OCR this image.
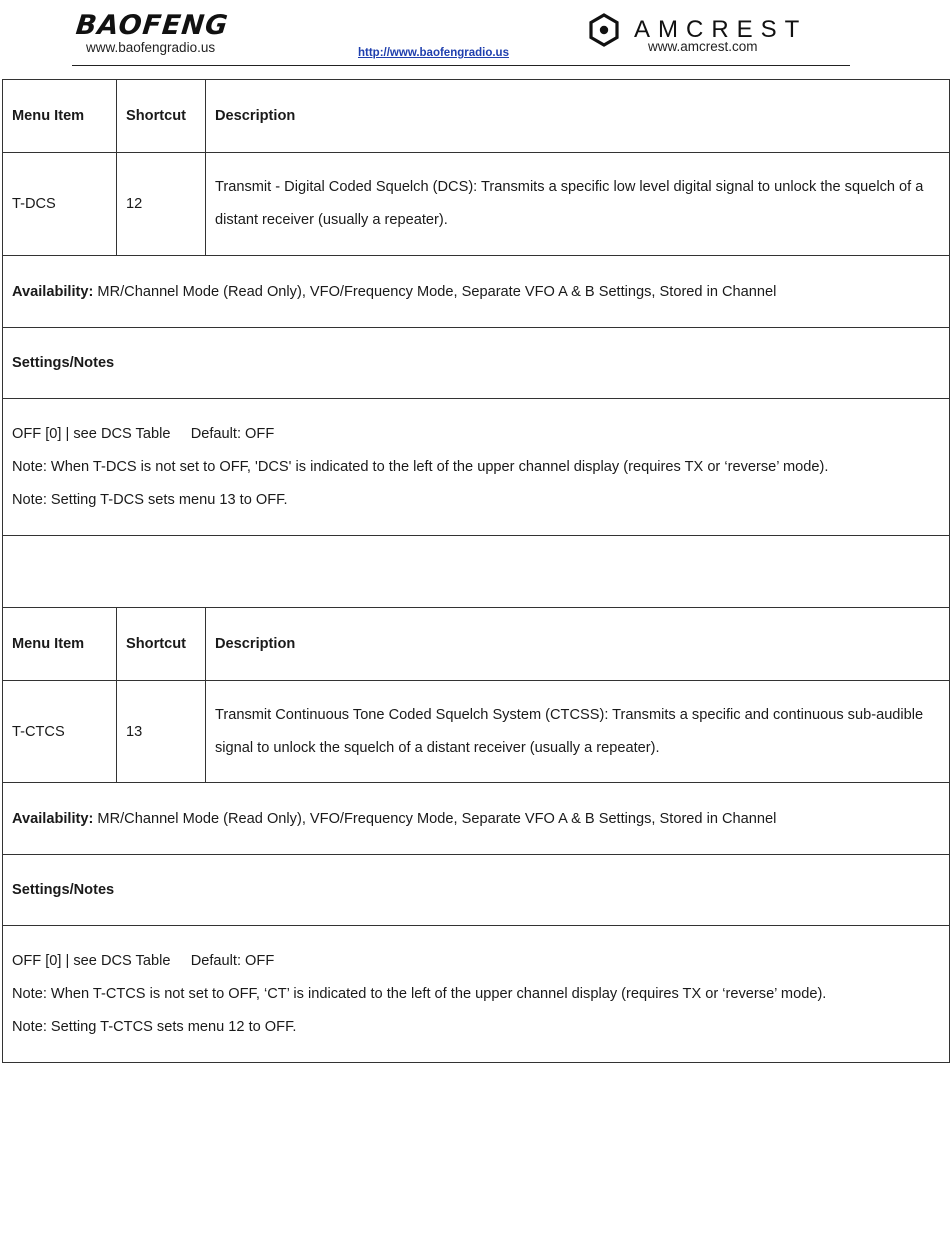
BAOFENG
www.baofengradio.us	http://www.baofengradio.us
AMCREST
www.amcrest.com
Menu Item	Shortcut	Description
T-DCS	12	Transmit - Digital Coded Squelch (DCS): Transmits a specific low level digital signal to unlock the squelch of a distant receiver (usually a repeater).
Availability: MR/Channel Mode (Read Only), VFO/Frequency Mode, Separate VFO A & B Settings, Stored in Channel		
Settings/Notes		

OFF [0] | see DCS Table     Default: OFF

Note: When T-DCS is not set to OFF, 'DCS' is indicated to the left of the upper channel display (requires TX or ‘reverse’ mode).

Note: Setting T-DCS sets menu 13 to OFF.		

Menu Item	Shortcut	Description
T-CTCS	13	Transmit Continuous Tone Coded Squelch System (CTCSS): Transmits a specific and continuous sub-audible signal to unlock the squelch of a distant receiver (usually a repeater).
Availability: MR/Channel Mode (Read Only), VFO/Frequency Mode, Separate VFO A & B Settings, Stored in Channel		
Settings/Notes		

OFF [0] | see DCS Table     Default: OFF

Note: When T-CTCS is not set to OFF, ‘CT’ is indicated to the left of the upper channel display (requires TX or ‘reverse’ mode).

Note: Setting T-CTCS sets menu 12 to OFF.		
